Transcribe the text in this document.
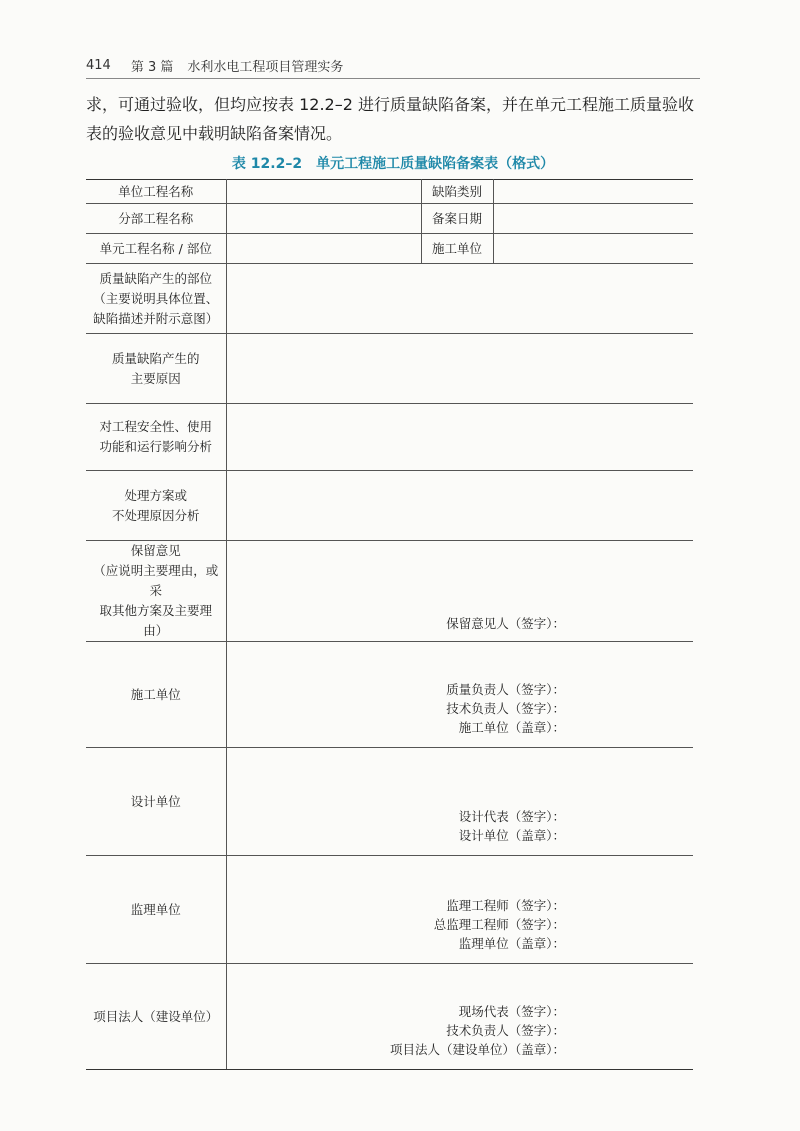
414 第 3 篇 水利水电工程项目管理实务

求，可通过验收，但均应按表 12.2–2 进行质量缺陷备案，并在单元工程施工质量验收

表的验收意见中载明缺陷备案情况。

表 12.2–2 单元工程施工质量缺陷备案表（格式）
单位工程名称		缺陷类别	
分部工程名称		备案日期	
单元工程名称 / 部位		施工单位	

质量缺陷产生的部位
（主要说明具体位置、
缺陷描述并附示意图）			

质量缺陷产生的
主要原因			

对工程安全性、使用
功能和运行影响分析			

处理方案或
不处理原因分析			

保留意见
（应说明主要理由，或采
取其他方案及主要理由）	保留意见人（签字）：		

施工单位	质量负责人（签字）：
技术负责人（签字）：
施工单位（盖章）：		

设计单位	设计代表（签字）：
设计单位（盖章）：		

监理单位	监理工程师（签字）：
总监理工程师（签字）：
监理单位（盖章）：		

项目法人（建设单位）	现场代表（签字）：
技术负责人（签字）：
项目法人（建设单位）（盖章）：		
